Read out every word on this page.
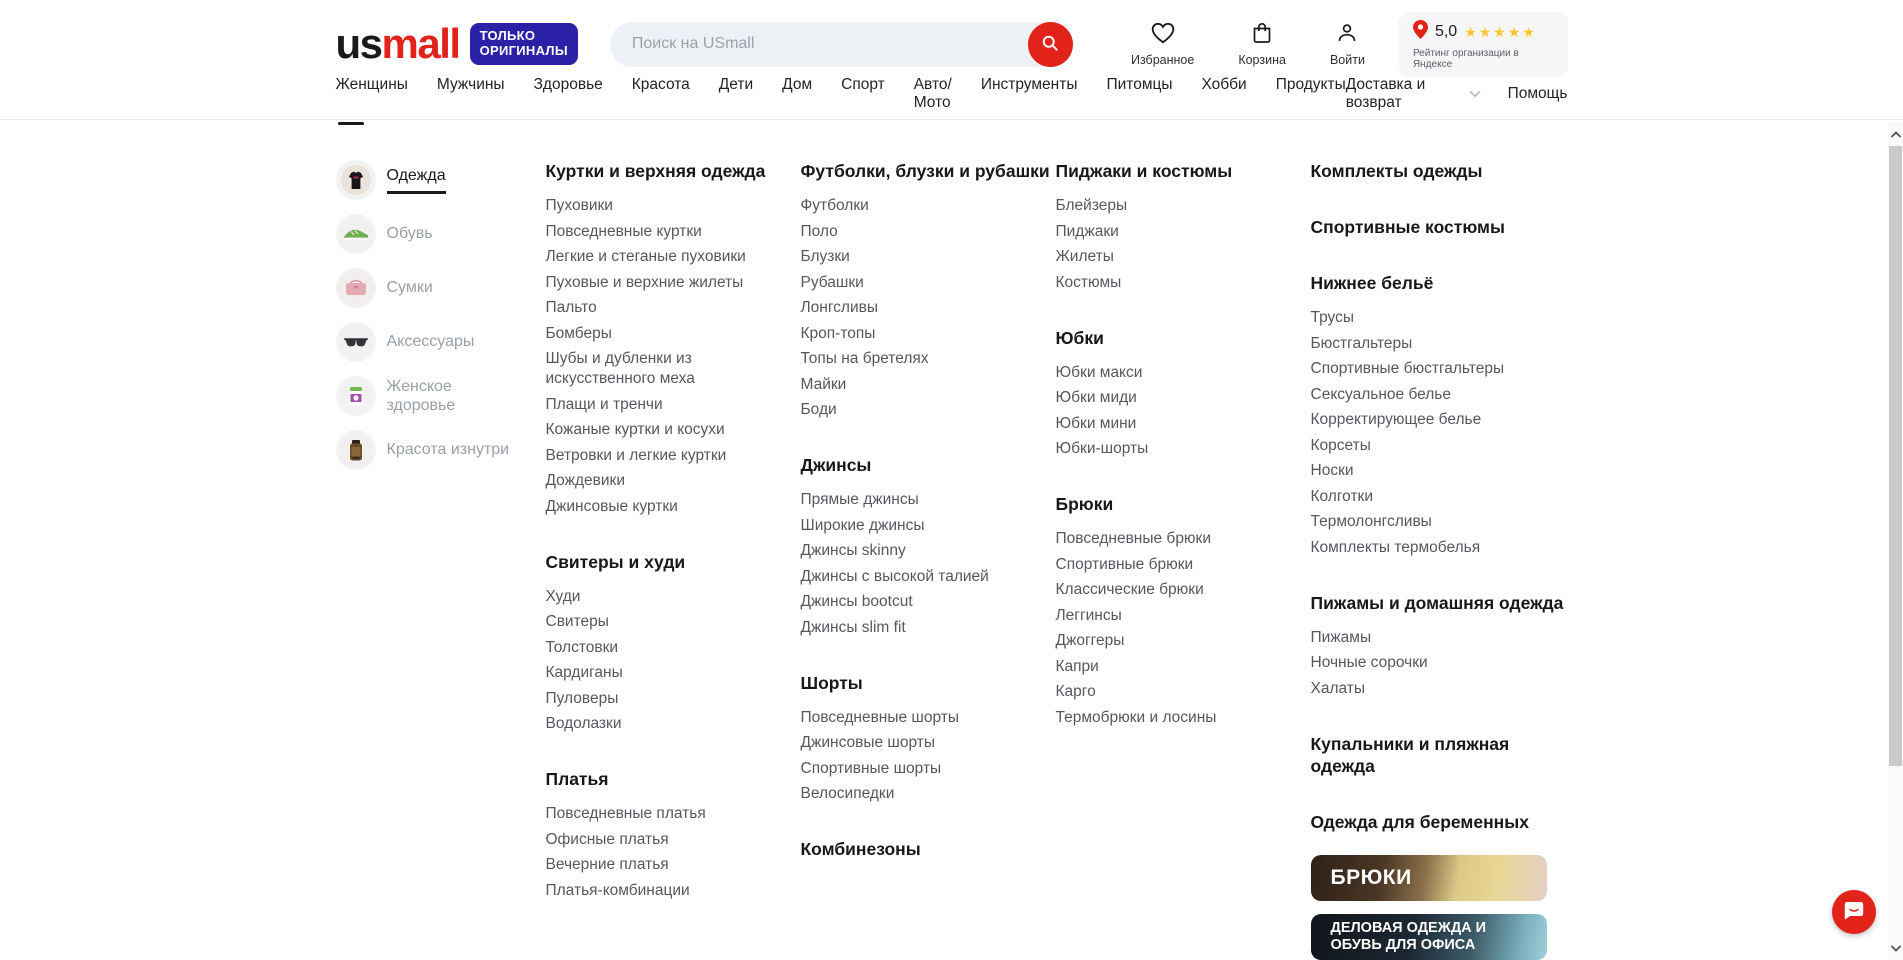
usmall ТОЛЬКО
ОРИГИНАЛЫ
Поиск на USmall
Избранное	Корзина	Войти
5,0 ★★★★★
Рейтинг организации в Яндексе
Женщины Мужчины Здоровье Красота Дети Дом Спорт Авто/Мото
Инструменты Питомцы Хобби Продукты Доставка и возврат
Помощь
Одежда
Обувь
Сумки
Аксессуары
Женское здоровье
Красота изнутри
Куртки и верхняя одежда
Пуховики
Повседневные куртки
Легкие и стеганые пуховики
Пуховые и верхние жилеты
Пальто
Бомберы
Шубы и дубленки из искусственного меха
Плащи и тренчи
Кожаные куртки и косухи
Ветровки и легкие куртки
Дождевики
Джинсовые куртки
Свитеры и худи
Худи
Свитеры
Толстовки
Кардиганы
Пуловеры
Водолазки
Платья
Повседневные платья
Офисные платья
Вечерние платья
Платья-комбинации
Футболки, блузки и рубашки
Футболки
Поло
Блузки
Рубашки
Лонгсливы
Кроп-топы
Топы на бретелях
Майки
Боди
Джинсы
Прямые джинсы
Широкие джинсы
Джинсы skinny
Джинсы с высокой талией
Джинсы bootcut
Джинсы slim fit
Шорты
Повседневные шорты
Джинсовые шорты
Спортивные шорты
Велосипедки
Комбинезоны
Пиджаки и костюмы
Блейзеры
Пиджаки
Жилеты
Костюмы
Юбки
Юбки макси
Юбки миди
Юбки мини
Юбки-шорты
Брюки
Повседневные брюки
Спортивные брюки
Классические брюки
Леггинсы
Джоггеры
Капри
Карго
Термобрюки и лосины
Комплекты одежды
Спортивные костюмы
Нижнее бельё
Трусы
Бюстгальтеры
Спортивные бюстгальтеры
Сексуальное белье
Корректирующее белье
Корсеты
Носки
Колготки
Термолонгсливы
Комплекты термобелья
Пижамы и домашняя одежда
Пижамы
Ночные сорочки
Халаты
Купальники и пляжная одежда
Одежда для беременных
БРЮКИ
ДЕЛОВАЯ ОДЕЖДА И ОБУВЬ ДЛЯ ОФИСА
